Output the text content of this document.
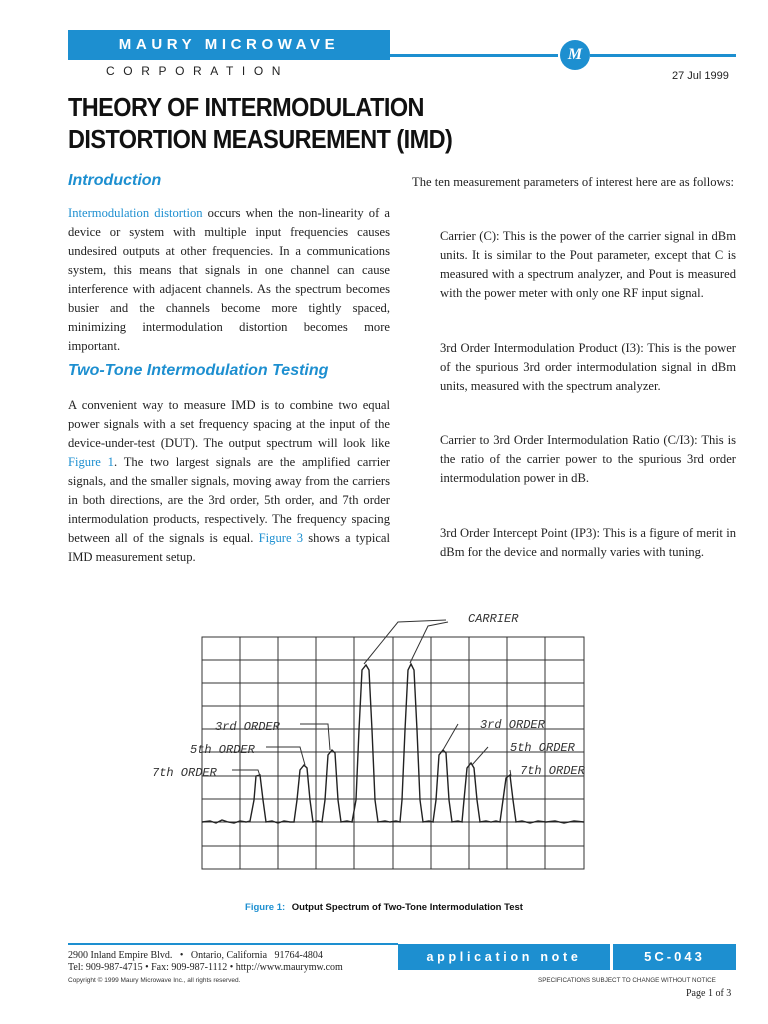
MAURY MICROWAVE
M
CORPORATION	27 Jul 1999
THEORY OF INTERMODULATION
DISTORTION MEASUREMENT (IMD)
Introduction

Intermodulation distortion occurs when the non-linearity of a device or system with multiple input frequencies causes undesired outputs at other frequencies. In a communications system, this means that signals in one channel can cause interference with adjacent channels. As the spectrum becomes busier and the channels become more tightly spaced, minimizing intermodulation distortion becomes more important.

Two-Tone Intermodulation Testing

A convenient way to measure IMD is to combine two equal power signals with a set frequency spacing at the input of the device-under-test (DUT). The output spectrum will look like Figure 1. The two largest signals are the amplified carrier signals, and the smaller signals, moving away from the carriers in both directions, are the 3rd order, 5th order, and 7th order intermodulation products, respectively. The frequency spacing between all of the signals is equal. Figure 3 shows a typical IMD measurement setup.

The ten measurement parameters of interest here are as follows:

Carrier (C): This is the power of the carrier signal in dBm units. It is similar to the Pout parameter, except that C is measured with a spectrum analyzer, and Pout is measured with the power meter with only one RF input signal.

3rd Order Intermodulation Product (I3): This is the power of the spurious 3rd order intermodulation signal in dBm units, measured with the spectrum analyzer.

Carrier to 3rd Order Intermodulation Ratio (C/I3): This is the ratio of the carrier power to the spurious 3rd order intermodulation power in dB.

3rd Order Intercept Point (IP3): This is a figure of merit in dBm for the device and normally varies with tuning.

CARRIER
3rd ORDER
5th ORDER
7th ORDER
3rd ORDER
5th ORDER
7th ORDER
Figure 1: Output Spectrum of Two-Tone Intermodulation Test
2900 Inland Empire Blvd.   •   Ontario, California   91764-4804
Tel: 909-987-4715 • Fax: 909-987-1112 • http://www.maurymw.com
Copyright © 1999 Maury Microwave Inc., all rights reserved.
application note	5C-043
SPECIFICATIONS SUBJECT TO CHANGE WITHOUT NOTICE
Page 1 of 3
